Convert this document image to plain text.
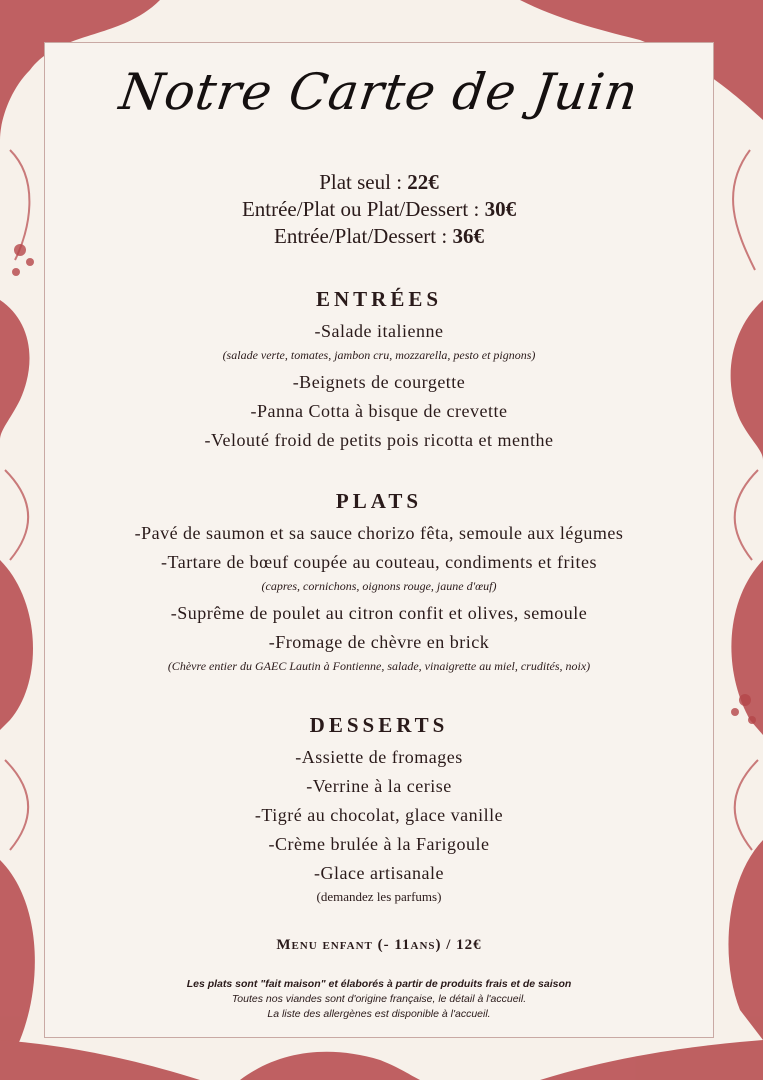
Notre Carte de Juin
Plat seul : 22€
Entrée/Plat ou Plat/Dessert : 30€
Entrée/Plat/Dessert : 36€
ENTRÉES
-Salade italienne
(salade verte, tomates, jambon cru, mozzarella, pesto et pignons)
-Beignets de courgette
-Panna Cotta à bisque de crevette
-Velouté froid de petits pois ricotta et menthe
PLATS
-Pavé de saumon et sa sauce chorizo fêta, semoule aux légumes
-Tartare de bœuf coupée au couteau, condiments et frites
(capres, cornichons, oignons rouge, jaune d'œuf)
-Suprême de poulet au citron confit et olives, semoule
-Fromage de chèvre en brick
(Chèvre entier du GAEC Lautin à Fontienne, salade, vinaigrette au miel, crudités, noix)
DESSERTS
-Assiette de fromages
-Verrine à la cerise
-Tigré au chocolat, glace vanille
-Crème brulée à la Farigoule
-Glace artisanale
(demandez les parfums)
Menu enfant (- 11ans) / 12€
Les plats sont "fait maison" et élaborés à partir de produits frais et de saison
Toutes nos viandes sont d'origine française, le détail à l'accueil.
La liste des allergènes est disponible à l'accueil.
